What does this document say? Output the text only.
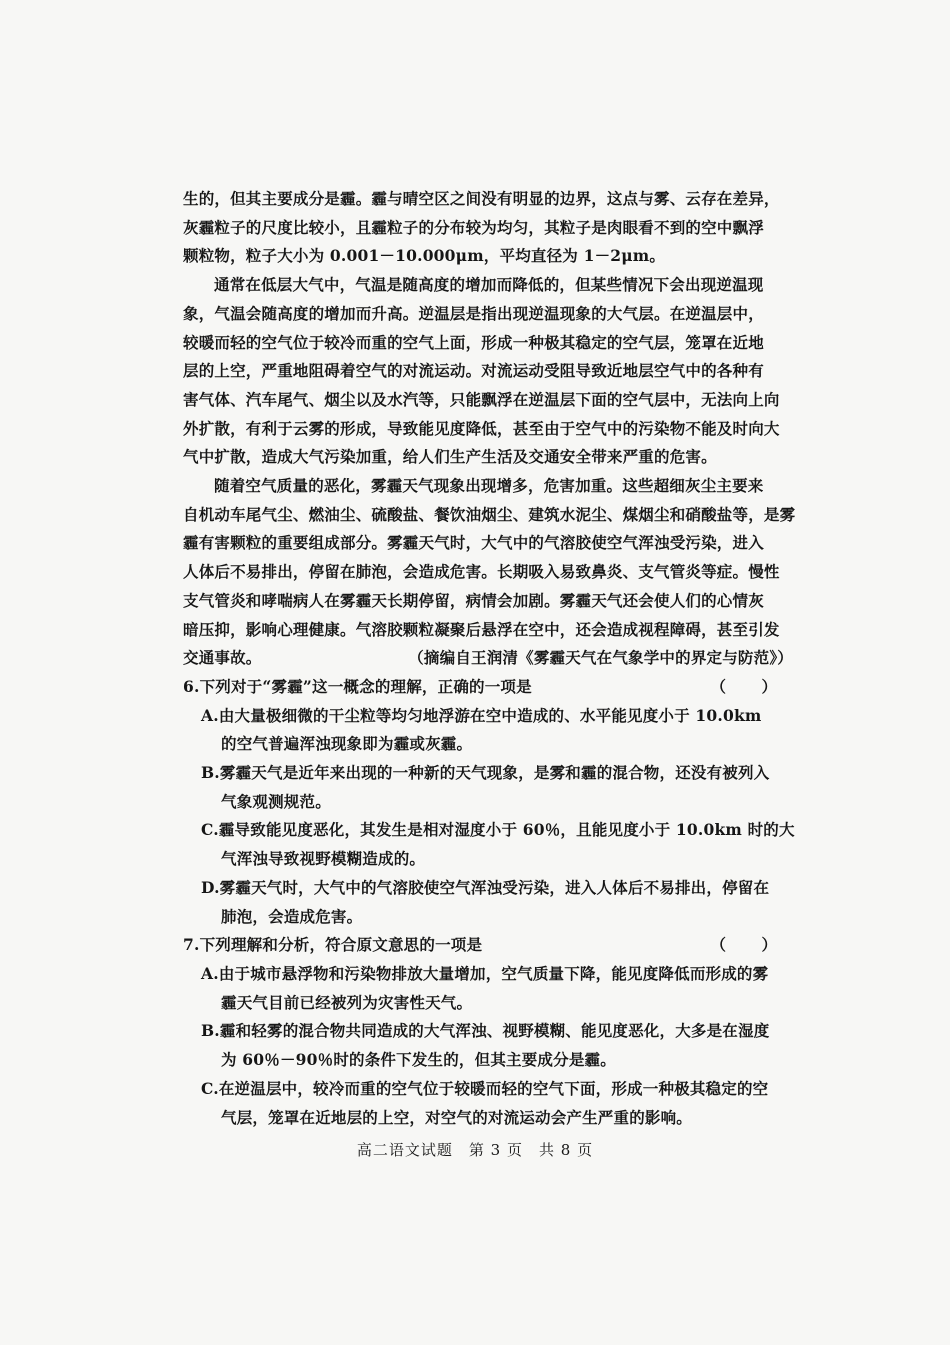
生的，但其主要成分是霾。霾与晴空区之间没有明显的边界，这点与雾、云存在差异，
灰霾粒子的尺度比较小，且霾粒子的分布较为均匀，其粒子是肉眼看不到的空中飘浮
颗粒物，粒子大小为 0.001－10.000μm，平均直径为 1－2μm。
通常在低层大气中，气温是随高度的增加而降低的，但某些情况下会出现逆温现
象，气温会随高度的增加而升高。逆温层是指出现逆温现象的大气层。在逆温层中，
较暖而轻的空气位于较冷而重的空气上面，形成一种极其稳定的空气层，笼罩在近地
层的上空，严重地阻碍着空气的对流运动。对流运动受阻导致近地层空气中的各种有
害气体、汽车尾气、烟尘以及水汽等，只能飘浮在逆温层下面的空气层中，无法向上向
外扩散，有利于云雾的形成，导致能见度降低，甚至由于空气中的污染物不能及时向大
气中扩散，造成大气污染加重，给人们生产生活及交通安全带来严重的危害。
随着空气质量的恶化，雾霾天气现象出现增多，危害加重。这些超细灰尘主要来
自机动车尾气尘、燃油尘、硫酸盐、餐饮油烟尘、建筑水泥尘、煤烟尘和硝酸盐等，是雾
霾有害颗粒的重要组成部分。雾霾天气时，大气中的气溶胶使空气浑浊受污染，进入
人体后不易排出，停留在肺泡，会造成危害。长期吸入易致鼻炎、支气管炎等症。慢性
支气管炎和哮喘病人在雾霾天长期停留，病情会加剧。雾霾天气还会使人们的心情灰
暗压抑，影响心理健康。气溶胶颗粒凝聚后悬浮在空中，还会造成视程障碍，甚至引发
交通事故。	（摘编自王润清《雾霾天气在气象学中的界定与防范》）
6.下列对于“雾霾”这一概念的理解，正确的一项是	（　）
A.由大量极细微的干尘粒等均匀地浮游在空中造成的、水平能见度小于 10.0km
的空气普遍浑浊现象即为霾或灰霾。
B.雾霾天气是近年来出现的一种新的天气现象，是雾和霾的混合物，还没有被列入
气象观测规范。
C.霾导致能见度恶化，其发生是相对湿度小于 60％，且能见度小于 10.0km 时的大
气浑浊导致视野模糊造成的。
D.雾霾天气时，大气中的气溶胶使空气浑浊受污染，进入人体后不易排出，停留在
肺泡，会造成危害。
7.下列理解和分析，符合原文意思的一项是	（　）
A.由于城市悬浮物和污染物排放大量增加，空气质量下降，能见度降低而形成的雾
霾天气目前已经被列为灾害性天气。
B.霾和轻雾的混合物共同造成的大气浑浊、视野模糊、能见度恶化，大多是在湿度
为 60％－90％时的条件下发生的，但其主要成分是霾。
C.在逆温层中，较冷而重的空气位于较暖而轻的空气下面，形成一种极其稳定的空
气层，笼罩在近地层的上空，对空气的对流运动会产生严重的影响。
高二语文试题　第 3 页　共 8 页
